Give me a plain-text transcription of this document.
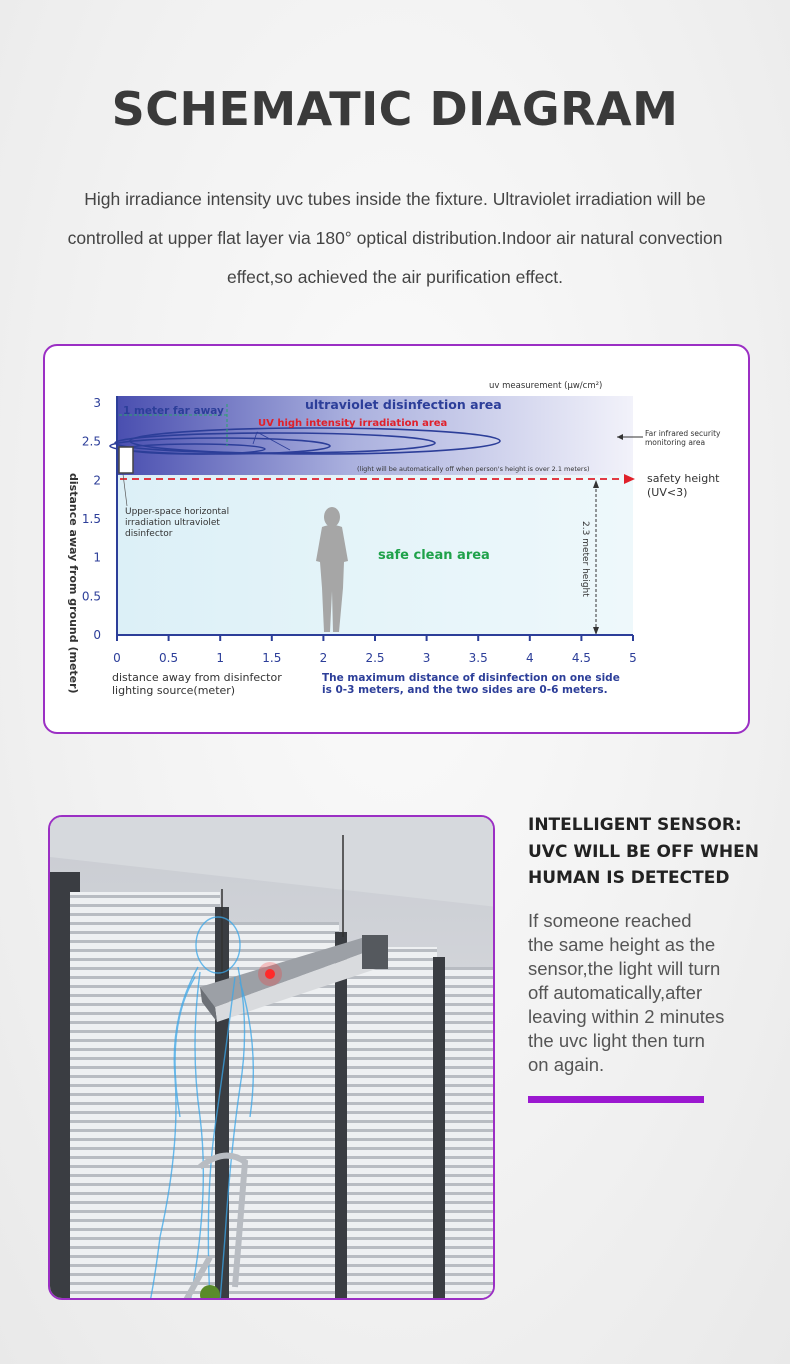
SCHEMATIC DIAGRAM
High irradiance intensity uvc tubes inside the fixture. Ultraviolet irradiation will be controlled at upper flat layer via 180° optical distribution.Indoor air natural convection effect,so achieved the air purification effect.
3
2.5
2
1.5
1
0.5
0
0	0.5	1	1.5	2	2.5	3	3.5	4	4.5	5
uv measurement (μw/cm²)
1 meter far away	ultraviolet disinfection area
UV high intensity irradiation area
Far infrared security
monitoring area
(light will be automatically off when person's height is over 2.1 meters)
safety height
(UV<3)
Upper-space horizontal
irradiation ultraviolet
disinfector
safe clean area	2.3 meter height
distance away from ground (meter)	distance away from disinfector
lighting source(meter)
The maximum distance of disinfection on one side
is 0-3 meters, and the two sides are 0-6 meters.
INTELLIGENT SENSOR:
UVC WILL BE OFF WHEN
HUMAN IS DETECTED
If someone reached
the same height as the
sensor,the light will turn
off automatically,after
leaving within 2 minutes
the uvc light then turn
on again.
